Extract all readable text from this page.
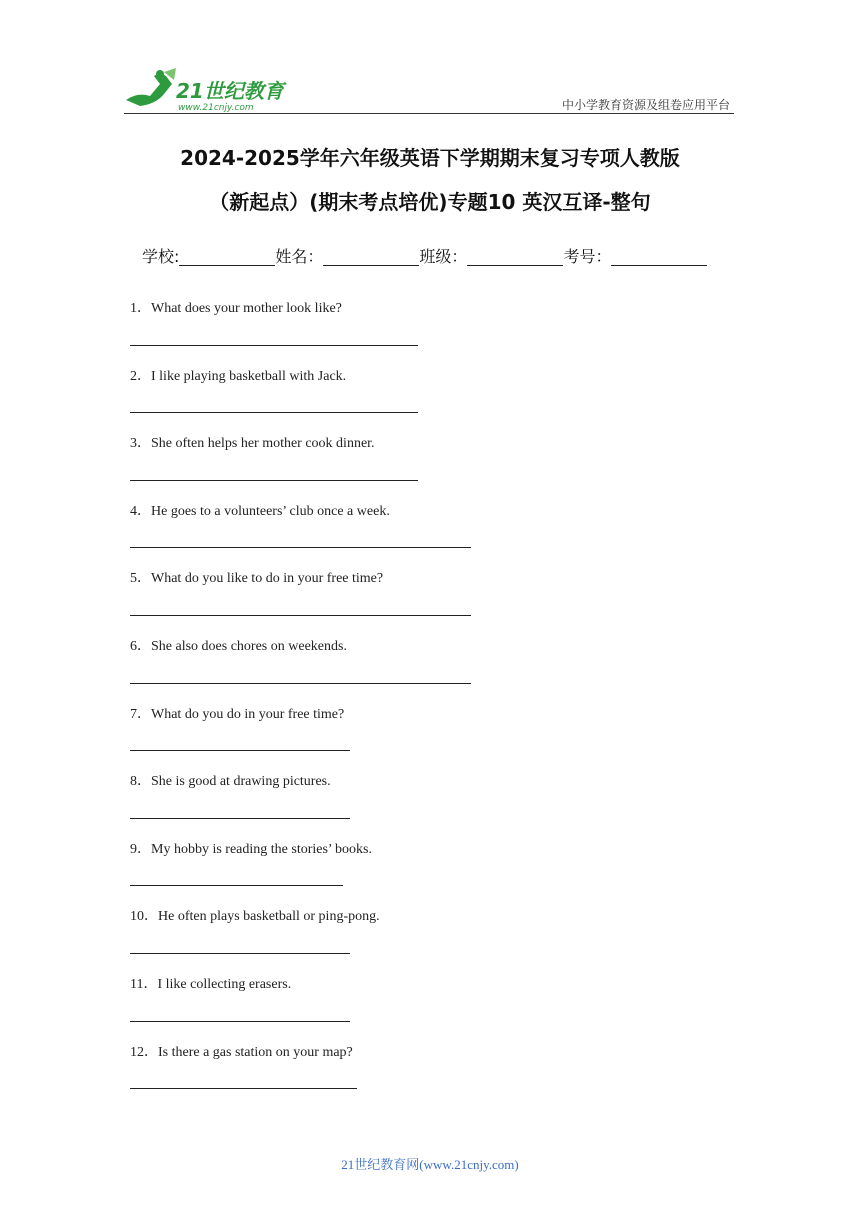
21世纪教育
www.21cnjy.com	中小学教育资源及组卷应用平台
2024-2025学年六年级英语下学期期末复习专项人教版
（新起点）(期末考点培优)专题10 英汉互译-整句
学校:	姓名：	班级：	考号：
1．What does your mother look like?
2．I like playing basketball with Jack.
3．She often helps her mother cook dinner.
4．He goes to a volunteers’ club once a week.
5．What do you like to do in your free time?
6．She also does chores on weekends.
7．What do you do in your free time?
8．She is good at drawing pictures.
9．My hobby is reading the stories’ books.
10．He often plays basketball or ping-pong.
11．I like collecting erasers.
12．Is there a gas station on your map?
21世纪教育网(www.21cnjy.com)
